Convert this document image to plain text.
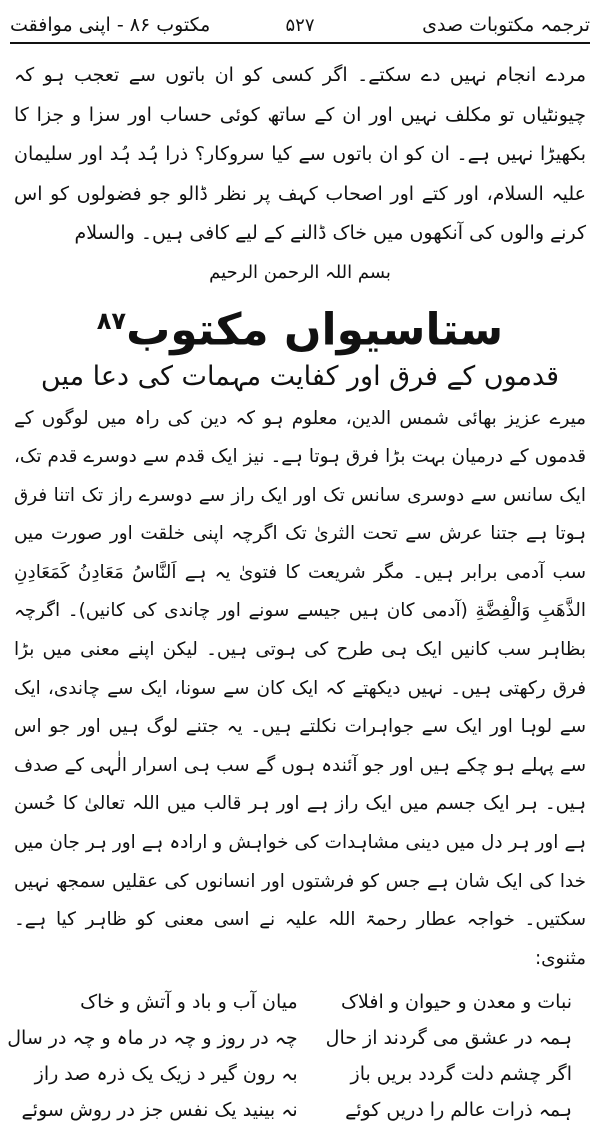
ترجمہ مکتوبات صدی
۵۲۷
مکتوب ۸۶ - اپنی موافقت

مردے انجام نہیں دے سکتے۔ اگر کسی کو ان باتوں سے تعجب ہو کہ چیونٹیاں تو مکلف نہیں اور ان کے ساتھ کوئی حساب اور سزا و جزا کا بکھیڑا نہیں ہے۔ ان کو ان باتوں سے کیا سروکار؟ ذرا ہُد ہُد اور سلیمان علیہ السلام، اور کتے اور اصحاب کہف پر نظر ڈالو جو فضولوں کو اس کرنے والوں کی آنکھوں میں خاک ڈالنے کے لیے کافی ہیں۔ والسلام

بسم اللہ الرحمن الرحیم
ستاسیواں مکتوب$^{۸۷}$
قدموں کے فرق اور کفایت مہمات کی دعا میں

میرے عزیز بھائی شمس الدین، معلوم ہو کہ دین کی راہ میں لوگوں کے قدموں کے درمیان بہت بڑا فرق ہوتا ہے۔ نیز ایک قدم سے دوسرے قدم تک، ایک سانس سے دوسری سانس تک اور ایک راز سے دوسرے راز تک اتنا فرق ہوتا ہے جتنا عرش سے تحت الثریٰ تک اگرچہ اپنی خلقت اور صورت میں سب آدمی برابر ہیں۔ مگر شریعت کا فتویٰ یہ ہے اَلنَّاسُ مَعَادِنُ کَمَعَادِنِ الذَّهَبِ وَالْفِضَّةِ (آدمی کان ہیں جیسے سونے اور چاندی کی کانیں)۔ اگرچہ بظاہر سب کانیں ایک ہی طرح کی ہوتی ہیں۔ لیکن اپنے معنی میں بڑا فرق رکھتی ہیں۔ نہیں دیکھتے کہ ایک کان سے سونا، ایک سے چاندی، ایک سے لوہا اور ایک سے جواہرات نکلتے ہیں۔ یہ جتنے لوگ ہیں اور جو اس سے پہلے ہو چکے ہیں اور جو آئندہ ہوں گے سب ہی اسرار الٰہی کے صدف ہیں۔ ہر ایک جسم میں ایک راز ہے اور ہر قالب میں اللہ تعالیٰ کا حُسن ہے اور ہر دل میں دینی مشاہدات کی خواہش و ارادہ ہے اور ہر جان میں خدا کی ایک شان ہے جس کو فرشتوں اور انسانوں کی عقلیں سمجھ نہیں سکتیں۔ خواجہ عطار رحمۃ اللہ علیہ نے اسی معنی کو ظاہر کیا ہے۔ مثنوی:

نبات و معدن و حیوان و افلاک	میان آب و باد و آتش و خاک
ہمہ در عشق می گردند از حال	چہ در روز و چہ در ماہ و چہ در سال
اگر چشم دلت گردد بریں باز	بہ رون گیر د زیک یک ذرہ صد راز
ہمہ ذرات عالم را دریں کوئے	نہ بینید یک نفس جز در روش سوئے
